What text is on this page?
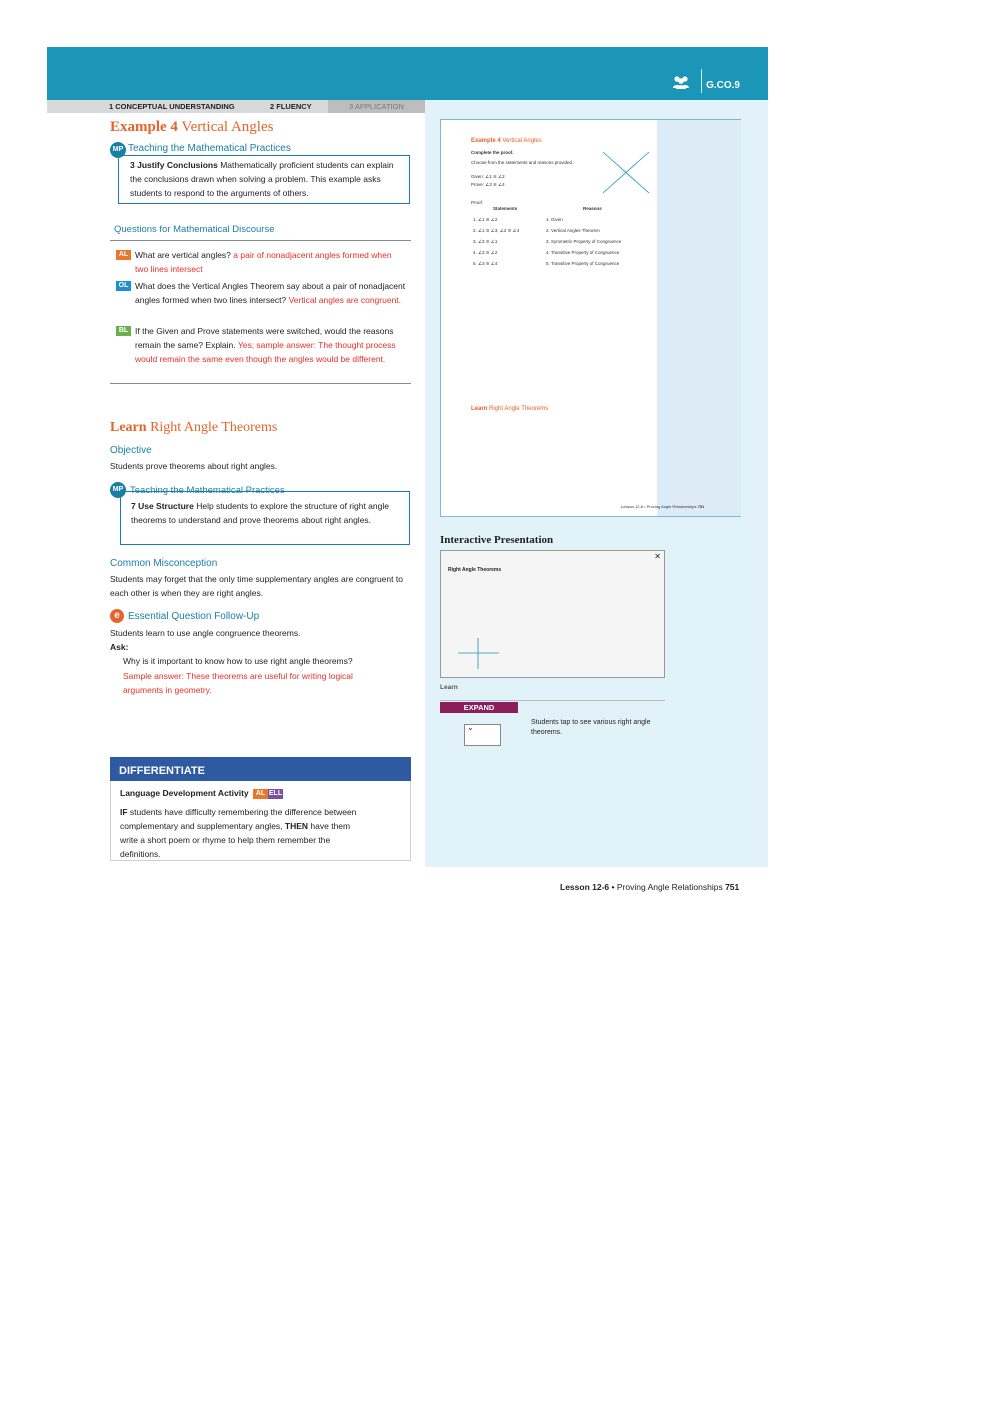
G.CO.9
1 CONCEPTUAL UNDERSTANDING	2 FLUENCY	3 APPLICATION
Example 4 Vertical Angles
MP Teaching the Mathematical Practices
3 Justify Conclusions Mathematically proficient students can explain the conclusions drawn when solving a problem. This example asks students to respond to the arguments of others.
Questions for Mathematical Discourse
AL What are vertical angles? a pair of nonadjacent angles formed when two lines intersect
OL What does the Vertical Angles Theorem say about a pair of nonadjacent angles formed when two lines intersect? Vertical angles are congruent.
BL If the Given and Prove statements were switched, would the reasons remain the same? Explain. Yes; sample answer: The thought process would remain the same even though the angles would be different.
Learn Right Angle Theorems
Objective
Students prove theorems about right angles.
MP Teaching the Mathematical Practices
7 Use Structure Help students to explore the structure of right angle theorems to understand and prove theorems about right angles.
Common Misconception
Students may forget that the only time supplementary angles are congruent to each other is when they are right angles.
e Essential Question Follow-Up
Students learn to use angle congruence theorems.
Ask:
Why is it important to know how to use right angle theorems?
Sample answer: These theorems are useful for writing logical arguments in geometry.
DIFFERENTIATE
Language Development Activity AL ELL
IF students have difficulty remembering the difference between complementary and supplementary angles, THEN have them write a short poem or rhyme to help them remember the definitions.
Example 4 Vertical Angles
Complete the proof.
Choose from the statements and reasons provided.
Given: ∠1 ≅ ∠2
Prove: ∠3 ≅ ∠4
Proof:
Statements	Reasons
1. ∠1 ≅ ∠2	1. Given
2. ∠1 ≅ ∠3, ∠2 ≅ ∠4	2. Vertical Angles Theorem
3. ∠3 ≅ ∠1	3. Symmetric Property of Congruence
4. ∠3 ≅ ∠2	4. Transitive Property of Congruence
5. ∠3 ≅ ∠4	5. Transitive Property of Congruence
Learn Right Angle Theorems
Lesson 12-6 • Proving Angle Relationships 751
Interactive Presentation
✕
Right Angle Theorems
Learn
EXPAND
⌄
Students tap to see various right angle theorems.
Lesson 12-6 • Proving Angle Relationships 751
